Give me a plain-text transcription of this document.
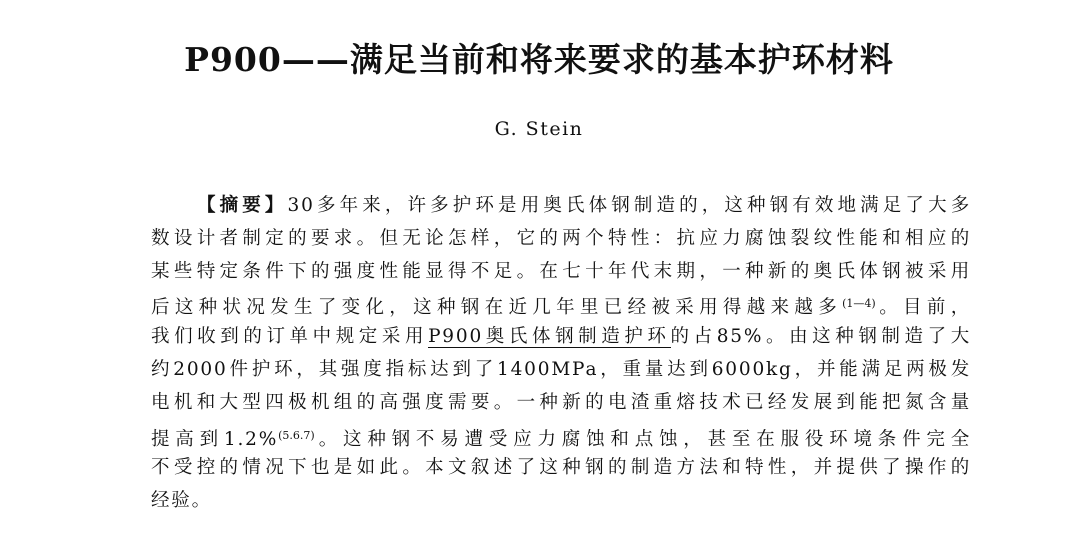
P900——满足当前和将来要求的基本护环材料
G. Stein
【摘要】30多年来，许多护环是用奥氏体钢制造的，这种钢有效地满足了大多
数设计者制定的要求。但无论怎样，它的两个特性：抗应力腐蚀裂纹性能和相应的
某些特定条件下的强度性能显得不足。在七十年代末期，一种新的奥氏体钢被采用
后这种状况发生了变化，这种钢在近几年里已经被采用得越来越多$^{(1—4)}$。目前，
我们收到的订单中规定采用P900奥氏体钢制造护环的占85%。由这种钢制造了大
约2000件护环，其强度指标达到了1400MPa，重量达到6000kg，并能满足两极发
电机和大型四极机组的高强度需要。一种新的电渣重熔技术已经发展到能把氮含量
提高到1.2%$^{(5.6.7)}$。这种钢不易遭受应力腐蚀和点蚀，甚至在服役环境条件完全
不受控的情况下也是如此。本文叙述了这种钢的制造方法和特性，并提供了操作的
经验。
